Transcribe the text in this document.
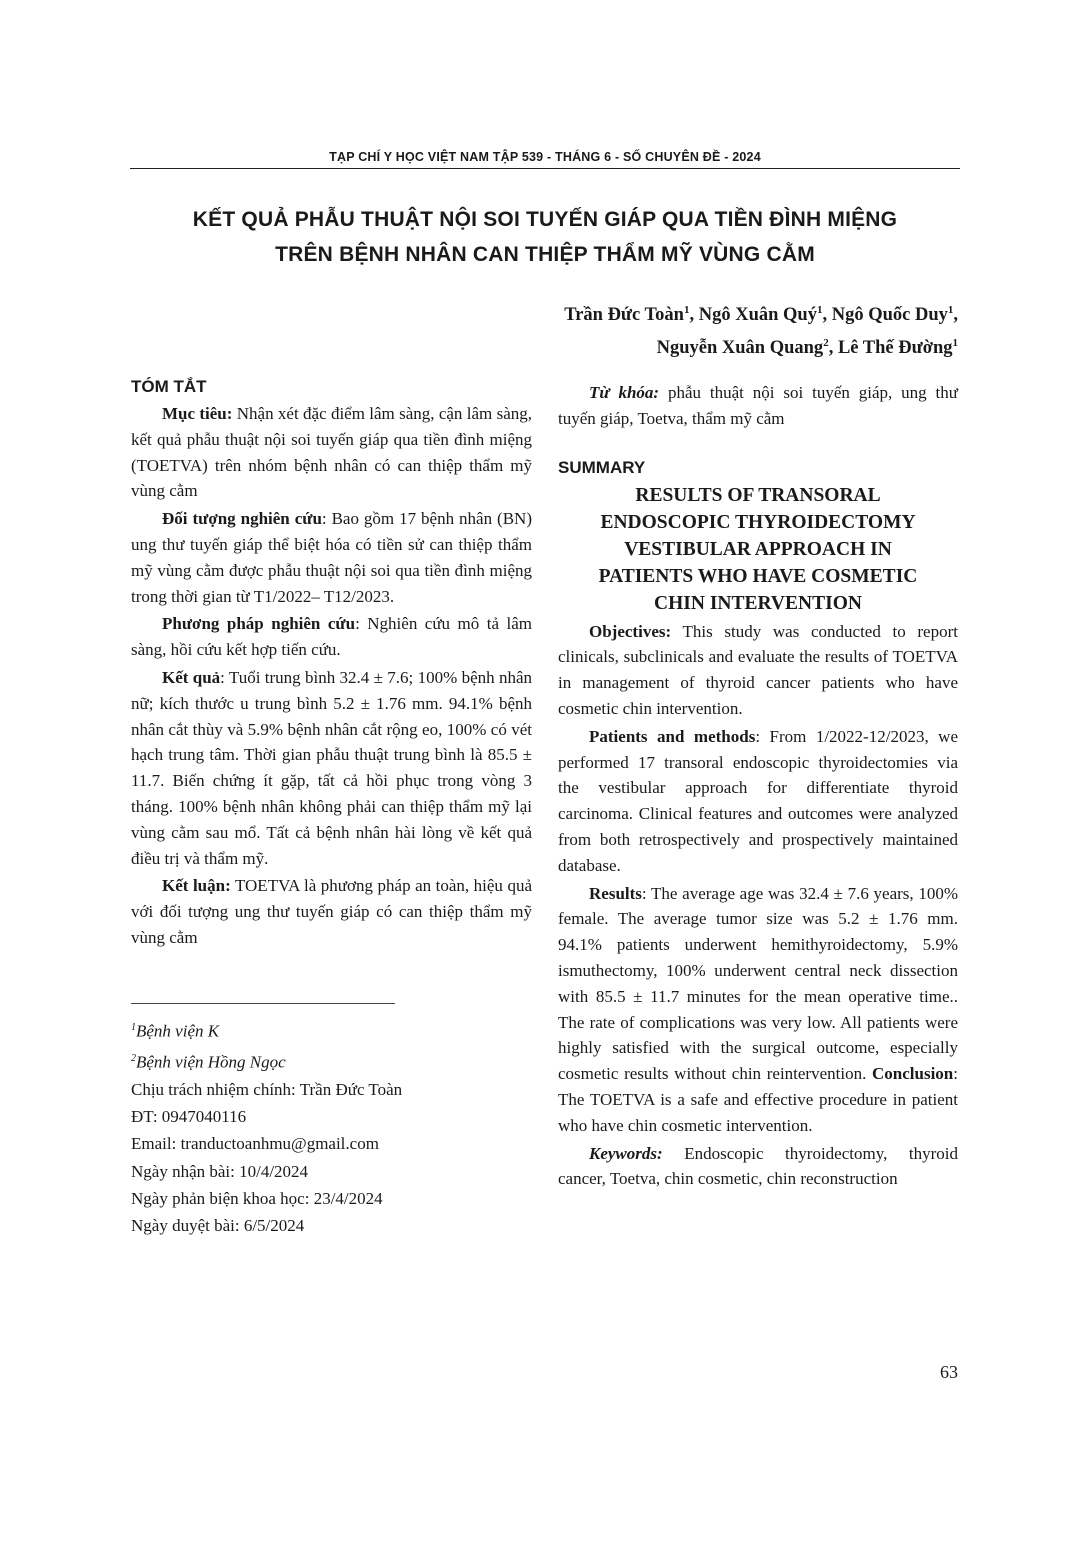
TẠP CHÍ Y HỌC VIỆT NAM TẬP 539 - THÁNG 6 - SỐ CHUYÊN ĐỀ - 2024
KẾT QUẢ PHẪU THUẬT NỘI SOI TUYẾN GIÁP QUA TIỀN ĐÌNH MIỆNG
TRÊN BỆNH NHÂN CAN THIỆP THẨM MỸ VÙNG CẰM
Trần Đức Toàn$^1$, Ngô Xuân Quý$^1$, Ngô Quốc Duy$^1$,
Nguyễn Xuân Quang$^2$, Lê Thế Đường$^1$
TÓM TẮT

Mục tiêu: Nhận xét đặc điểm lâm sàng, cận lâm sàng, kết quả phẫu thuật nội soi tuyến giáp qua tiền đình miệng (TOETVA) trên nhóm bệnh nhân có can thiệp thẩm mỹ vùng cằm

Đối tượng nghiên cứu: Bao gồm 17 bệnh nhân (BN) ung thư tuyến giáp thể biệt hóa có tiền sử can thiệp thẩm mỹ vùng cằm được phẫu thuật nội soi qua tiền đình miệng trong thời gian từ T1/2022– T12/2023.

Phương pháp nghiên cứu: Nghiên cứu mô tả lâm sàng, hồi cứu kết hợp tiến cứu.

Kết quả: Tuổi trung bình 32.4 ± 7.6; 100% bệnh nhân nữ; kích thước u trung bình 5.2 ± 1.76 mm. 94.1% bệnh nhân cắt thùy và 5.9% bệnh nhân cắt rộng eo, 100% có vét hạch trung tâm. Thời gian phẫu thuật trung bình là 85.5 ± 11.7. Biến chứng ít gặp, tất cả hồi phục trong vòng 3 tháng. 100% bệnh nhân không phải can thiệp thẩm mỹ lại vùng cằm sau mổ. Tất cả bệnh nhân hài lòng về kết quả điều trị và thẩm mỹ.

Kết luận: TOETVA là phương pháp an toàn, hiệu quả với đối tượng ung thư tuyến giáp có can thiệp thẩm mỹ vùng cằm

$^1$Bệnh viện K
$^2$Bệnh viện Hồng Ngọc
Chịu trách nhiệm chính: Trần Đức Toàn
ĐT: 0947040116
Email: tranductoanhmu@gmail.com
Ngày nhận bài: 10/4/2024
Ngày phản biện khoa học: 23/4/2024
Ngày duyệt bài: 6/5/2024

Từ khóa: phẫu thuật nội soi tuyến giáp, ung thư tuyến giáp, Toetva, thẩm mỹ cằm

SUMMARY
RESULTS OF TRANSORAL
ENDOSCOPIC THYROIDECTOMY
VESTIBULAR APPROACH IN
PATIENTS WHO HAVE COSMETIC
CHIN INTERVENTION

Objectives: This study was conducted to report clinicals, subclinicals and evaluate the results of TOETVA in management of thyroid cancer patients who have cosmetic chin intervention.

Patients and methods: From 1/2022-12/2023, we performed 17 transoral endoscopic thyroidectomies via the vestibular approach for differentiate thyroid carcinoma. Clinical features and outcomes were analyzed from both retrospectively and prospectively maintained database.

Results: The average age was 32.4 ± 7.6 years, 100% female. The average tumor size was 5.2 ± 1.76 mm. 94.1% patients underwent hemithyroidectomy, 5.9% ismuthectomy, 100% underwent central neck dissection with 85.5 ± 11.7 minutes for the mean operative time.. The rate of complications was very low. All patients were highly satisfied with the surgical outcome, especially cosmetic results without chin reintervention. Conclusion: The TOETVA is a safe and effective procedure in patient who have chin cosmetic intervention.

Keywords: Endoscopic thyroidectomy, thyroid cancer, Toetva, chin cosmetic, chin reconstruction

63
